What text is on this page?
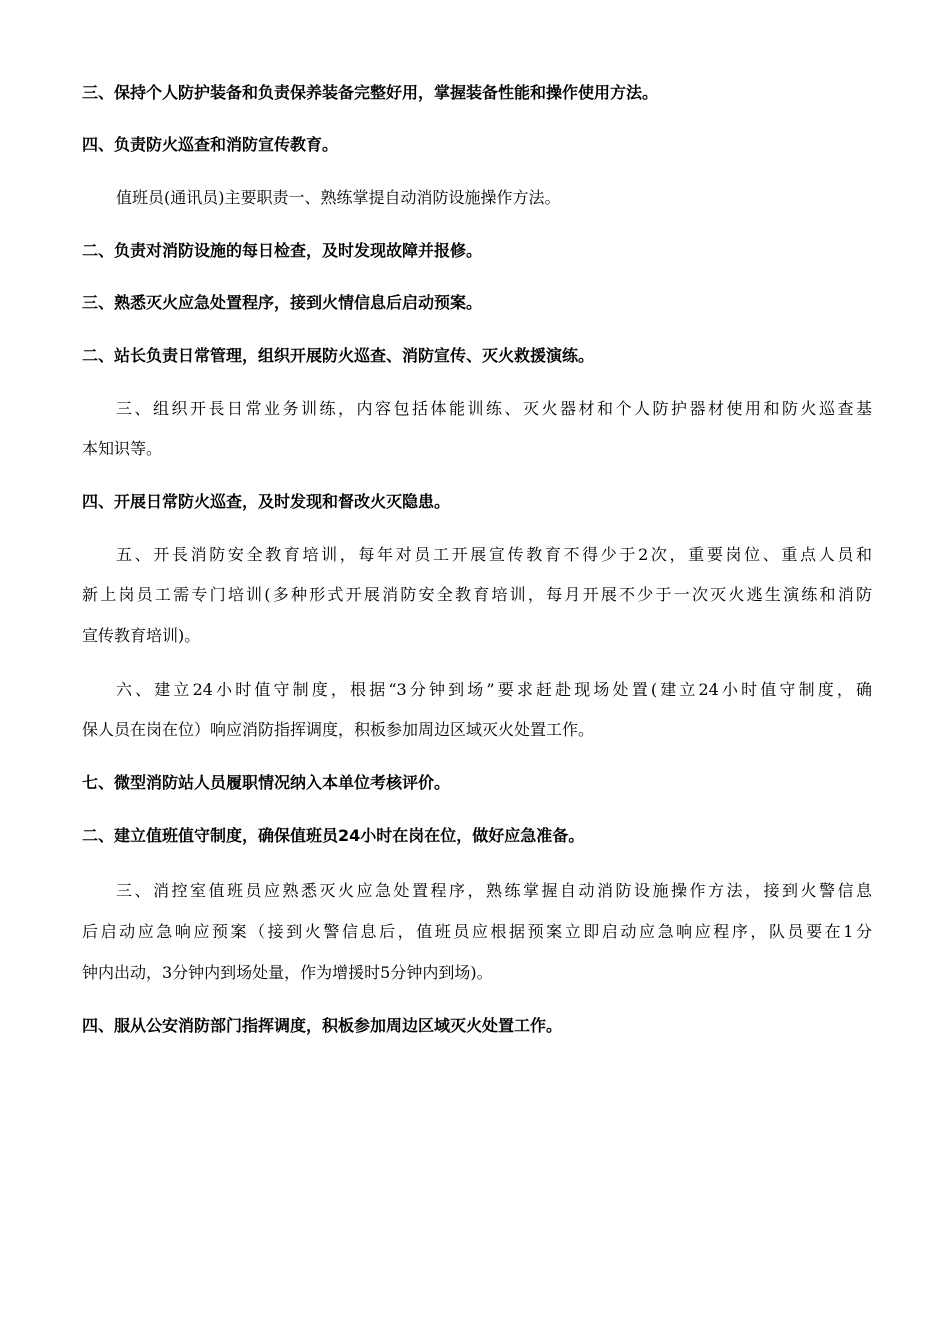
三、保持个人防护装备和负责保养装备完整好用，掌握装备性能和操作使用方法。
四、负责防火巡查和消防宣传教育。
值班员(通讯员)主要职责一、熟练掌提自动消防设施操作方法。
二、负责对消防设施的每日检查，及时发现故障并报修。
三、熟悉灭火应急处置程序，接到火情信息后启动预案。
二、站长负责日常管理，组织开展防火巡查、消防宣传、灭火救援演练。
三、组织开長日常业务训练，内容包括体能训练、灭火器材和个人防护器材使用和防火巡查基
本知识等。
四、开展日常防火巡查，及时发现和督改火灭隐患。
五、开長消防安全教育培训，每年对员工开展宣传教育不得少于2次，重要岗位、重点人员和
新上岗员工需专门培训(多种形式开展消防安全教育培训，每月开展不少于一次灭火逃生演练和消防
宣传教育培训)。
六、建立24小时值守制度，根据“3分钟到场”要求赶赴现场处置(建立24小时值守制度，确
保人员在岗在位）响应消防指挥调度，积板参加周边区域灭火处置工作。
七、微型消防站人员履职情况纳入本单位考核评价。
二、建立值班值守制度，确保值班员24小时在岗在位，做好应急准备。
三、消控室值班员应熟悉灭火应急处置程序，熟练掌握自动消防设施操作方法，接到火警信息
后启动应急响应预案（接到火警信息后，值班员应根据预案立即启动应急响应程序，队员要在1分
钟内出动，3分钟内到场处量，作为增援时5分钟内到场)。
四、服从公安消防部门指挥调度，积板参加周边区域灭火处置工作。
